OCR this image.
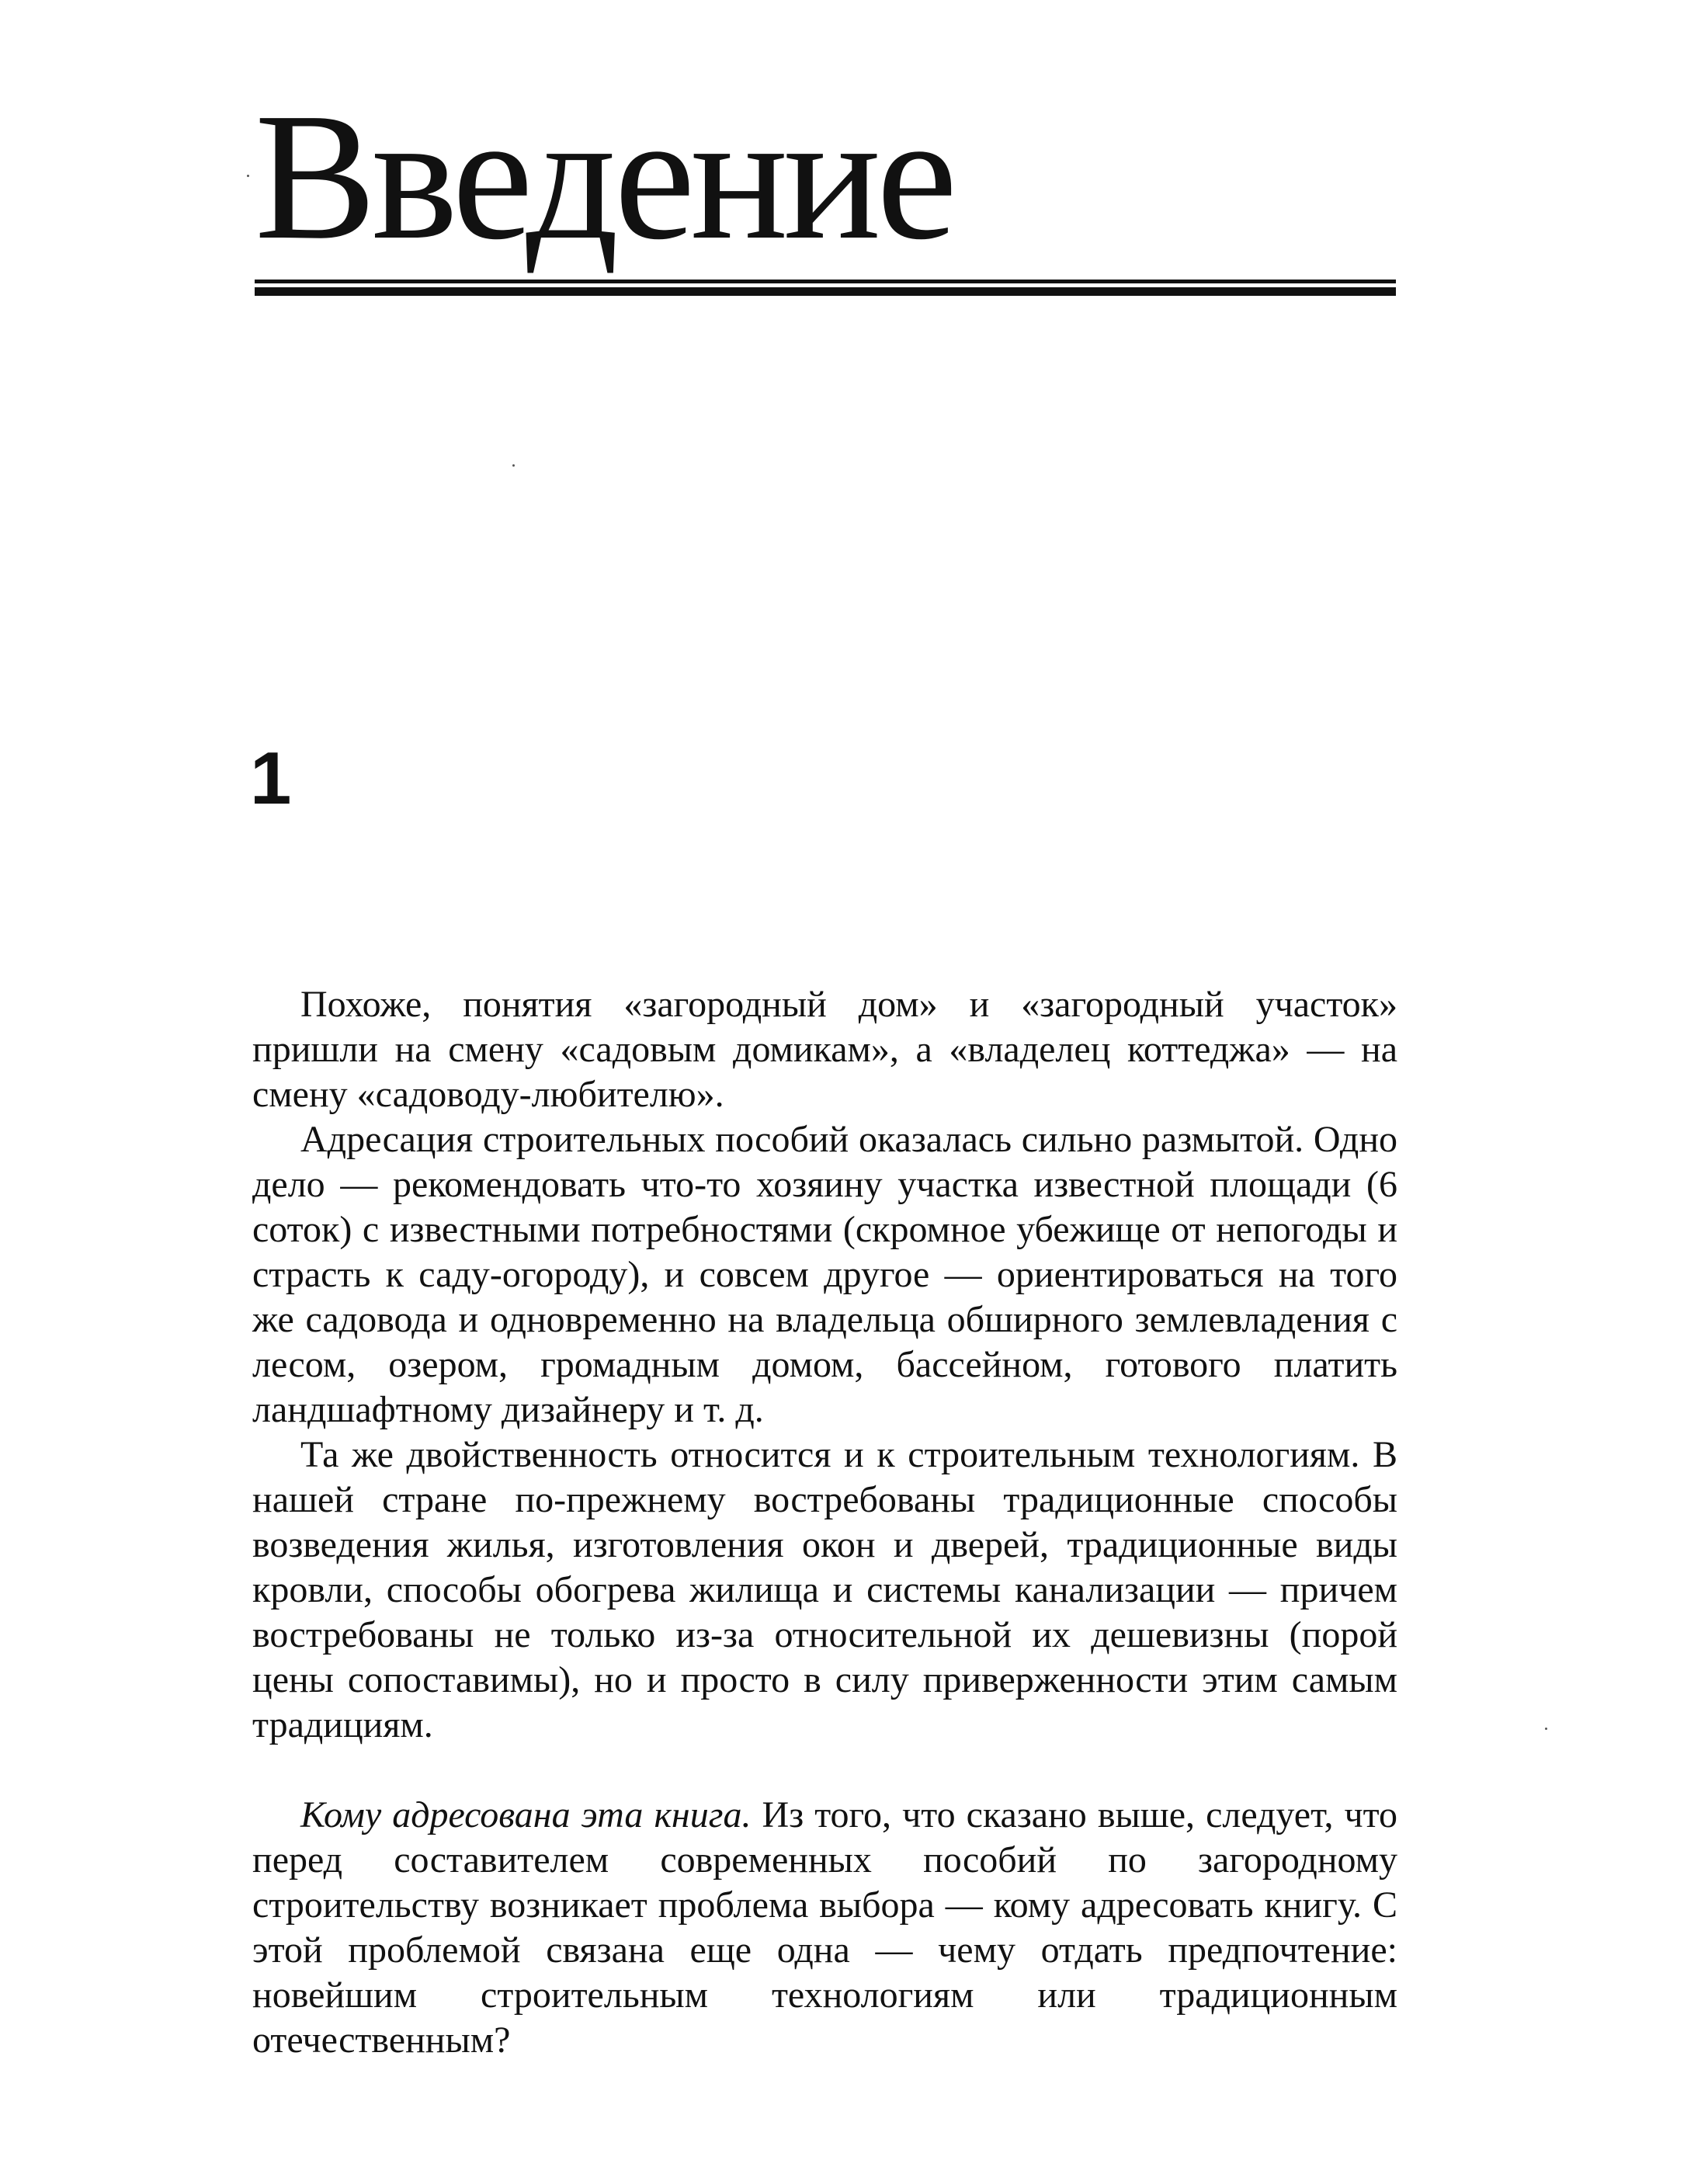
Введение
1

Похоже, понятия «загородный дом» и «загородный участок» пришли на смену «садовым домикам», а «владелец коттеджа» — на смену «садоводу-любителю».

Адресация строительных пособий оказалась сильно размытой. Одно дело — рекомендовать что-то хозяину участка известной площади (6 соток) с известными потребностями (скромное убежище от непогоды и страсть к саду-огороду), и совсем другое — ориентироваться на того же садовода и одновременно на владельца обширного землевладения с лесом, озером, громадным домом, бассейном, готового платить ландшафтному дизайнеру и т. д.

Та же двойственность относится и к строительным технологиям. В нашей стране по-прежнему востребованы традиционные способы возведения жилья, изготовления окон и дверей, традиционные виды кровли, способы обогрева жилища и системы канализации — причем востребованы не только из-за относительной их дешевизны (порой цены сопоставимы), но и просто в силу приверженности этим самым традициям.

Кому адресована эта книга. Из того, что сказано выше, следует, что перед составителем современных пособий по загородному строительству возникает проблема выбора — кому адресовать книгу. С этой проблемой связана еще одна — чему отдать предпочтение: новейшим строительным технологиям или традиционным отечественным?
